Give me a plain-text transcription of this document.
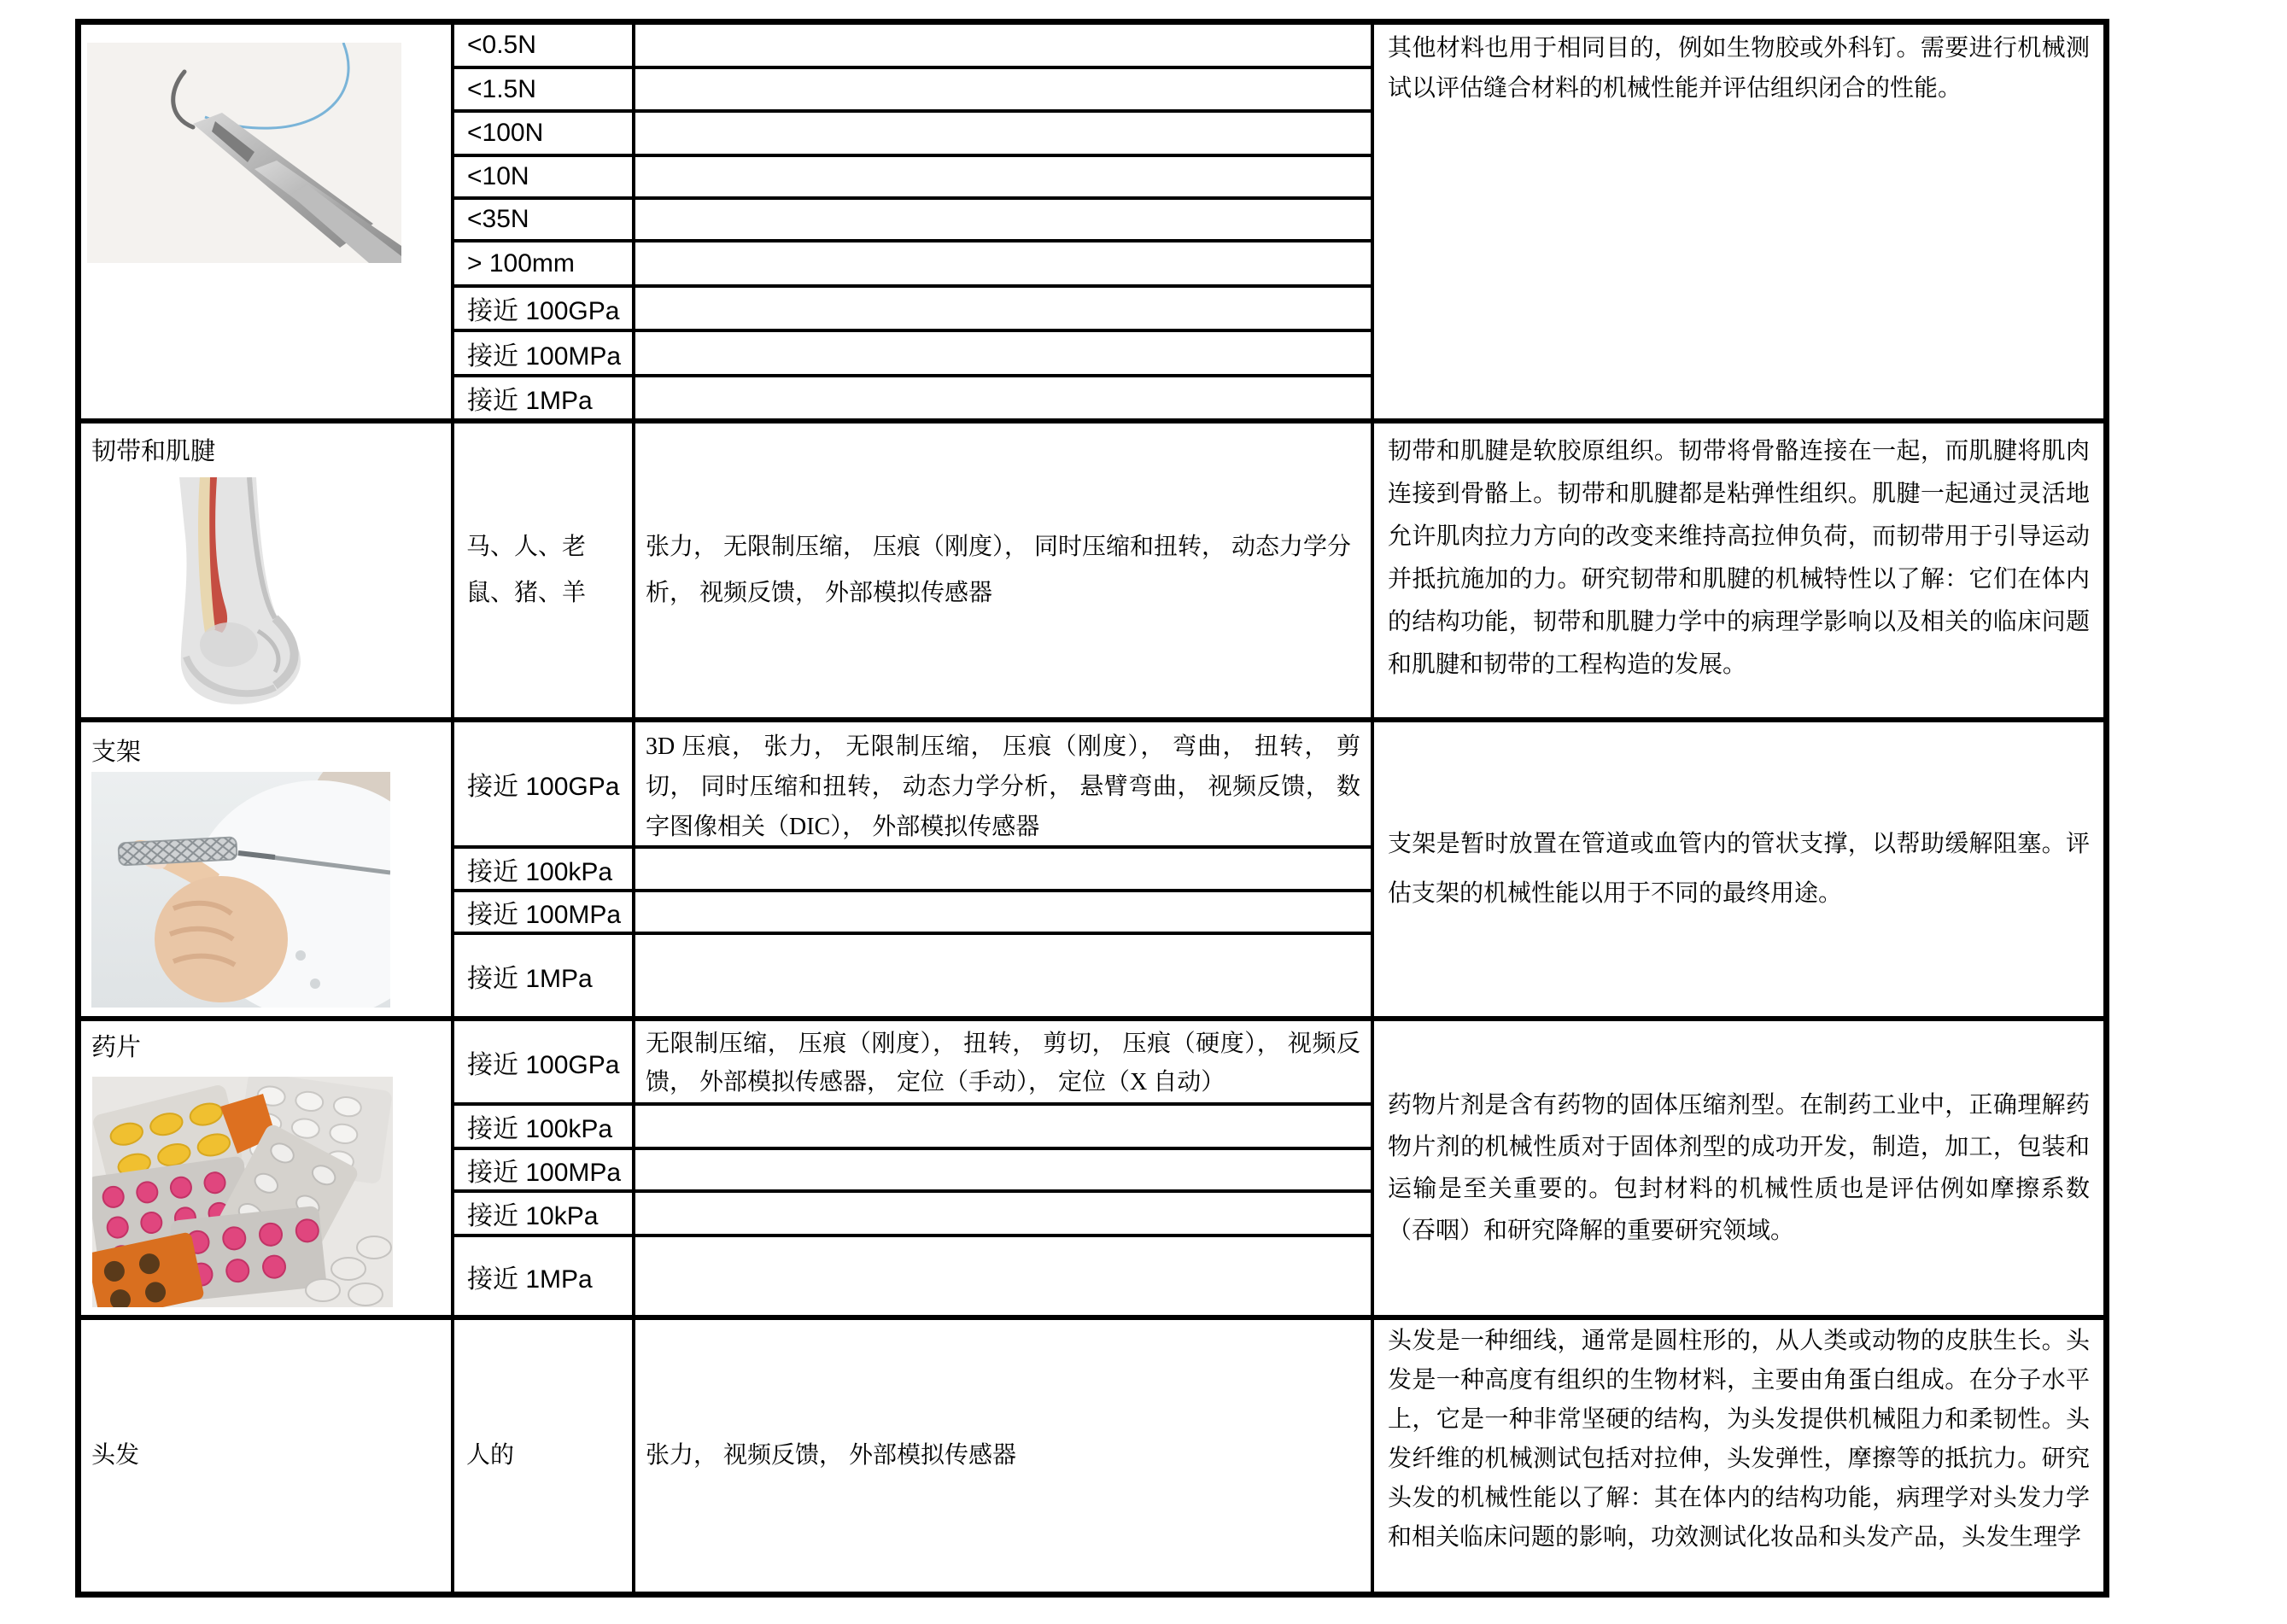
<0.5N
<1.5N
<100N
<10N
<35N
> 100mm
接近 100GPa
接近 100MPa
接近 1MPa
其他材料也用于相同目的，例如生物胶或外科钉。需要进行机械测试以评估缝合材料的机械性能并评估组织闭合的性能。
韧带和肌腱
马、人、老鼠、猪、羊
张力， 无限制压缩， 压痕（刚度）， 同时压缩和扭转， 动态力学分析， 视频反馈， 外部模拟传感器
韧带和肌腱是软胶原组织。韧带将骨骼连接在一起，而肌腱将肌肉连接到骨骼上。韧带和肌腱都是粘弹性组织。肌腱一起通过灵活地允许肌肉拉力方向的改变来维持高拉伸负荷，而韧带用于引导运动并抵抗施加的力。研究韧带和肌腱的机械特性以了解：它们在体内的结构功能，韧带和肌腱力学中的病理学影响以及相关的临床问题和肌腱和韧带的工程构造的发展。
支架
接近 100GPa
接近 100kPa
接近 100MPa
接近 1MPa
3D 压痕， 张力， 无限制压缩， 压痕（刚度）， 弯曲， 扭转， 剪切， 同时压缩和扭转， 动态力学分析， 悬臂弯曲， 视频反馈， 数字图像相关（DIC）， 外部模拟传感器
支架是暂时放置在管道或血管内的管状支撑，以帮助缓解阻塞。评估支架的机械性能以用于不同的最终用途。
药片
接近 100GPa
接近 100kPa
接近 100MPa
接近 10kPa
接近 1MPa
无限制压缩， 压痕（刚度）， 扭转， 剪切， 压痕（硬度）， 视频反馈， 外部模拟传感器， 定位（手动）， 定位（X 自动）
药物片剂是含有药物的固体压缩剂型。在制药工业中，正确理解药物片剂的机械性质对于固体剂型的成功开发，制造，加工，包装和运输是至关重要的。包封材料的机械性质也是评估例如摩擦系数（吞咽）和研究降解的重要研究领域。
头发	人的	张力， 视频反馈， 外部模拟传感器
头发是一种细线，通常是圆柱形的，从人类或动物的皮肤生长。头发是一种高度有组织的生物材料，主要由角蛋白组成。在分子水平上，它是一种非常坚硬的结构，为头发提供机械阻力和柔韧性。头发纤维的机械测试包括对拉伸，头发弹性，摩擦等的抵抗力。研究头发的机械性能以了解：其在体内的结构功能，病理学对头发力学和相关临床问题的影响，功效测试化妆品和头发产品，头发生理学
